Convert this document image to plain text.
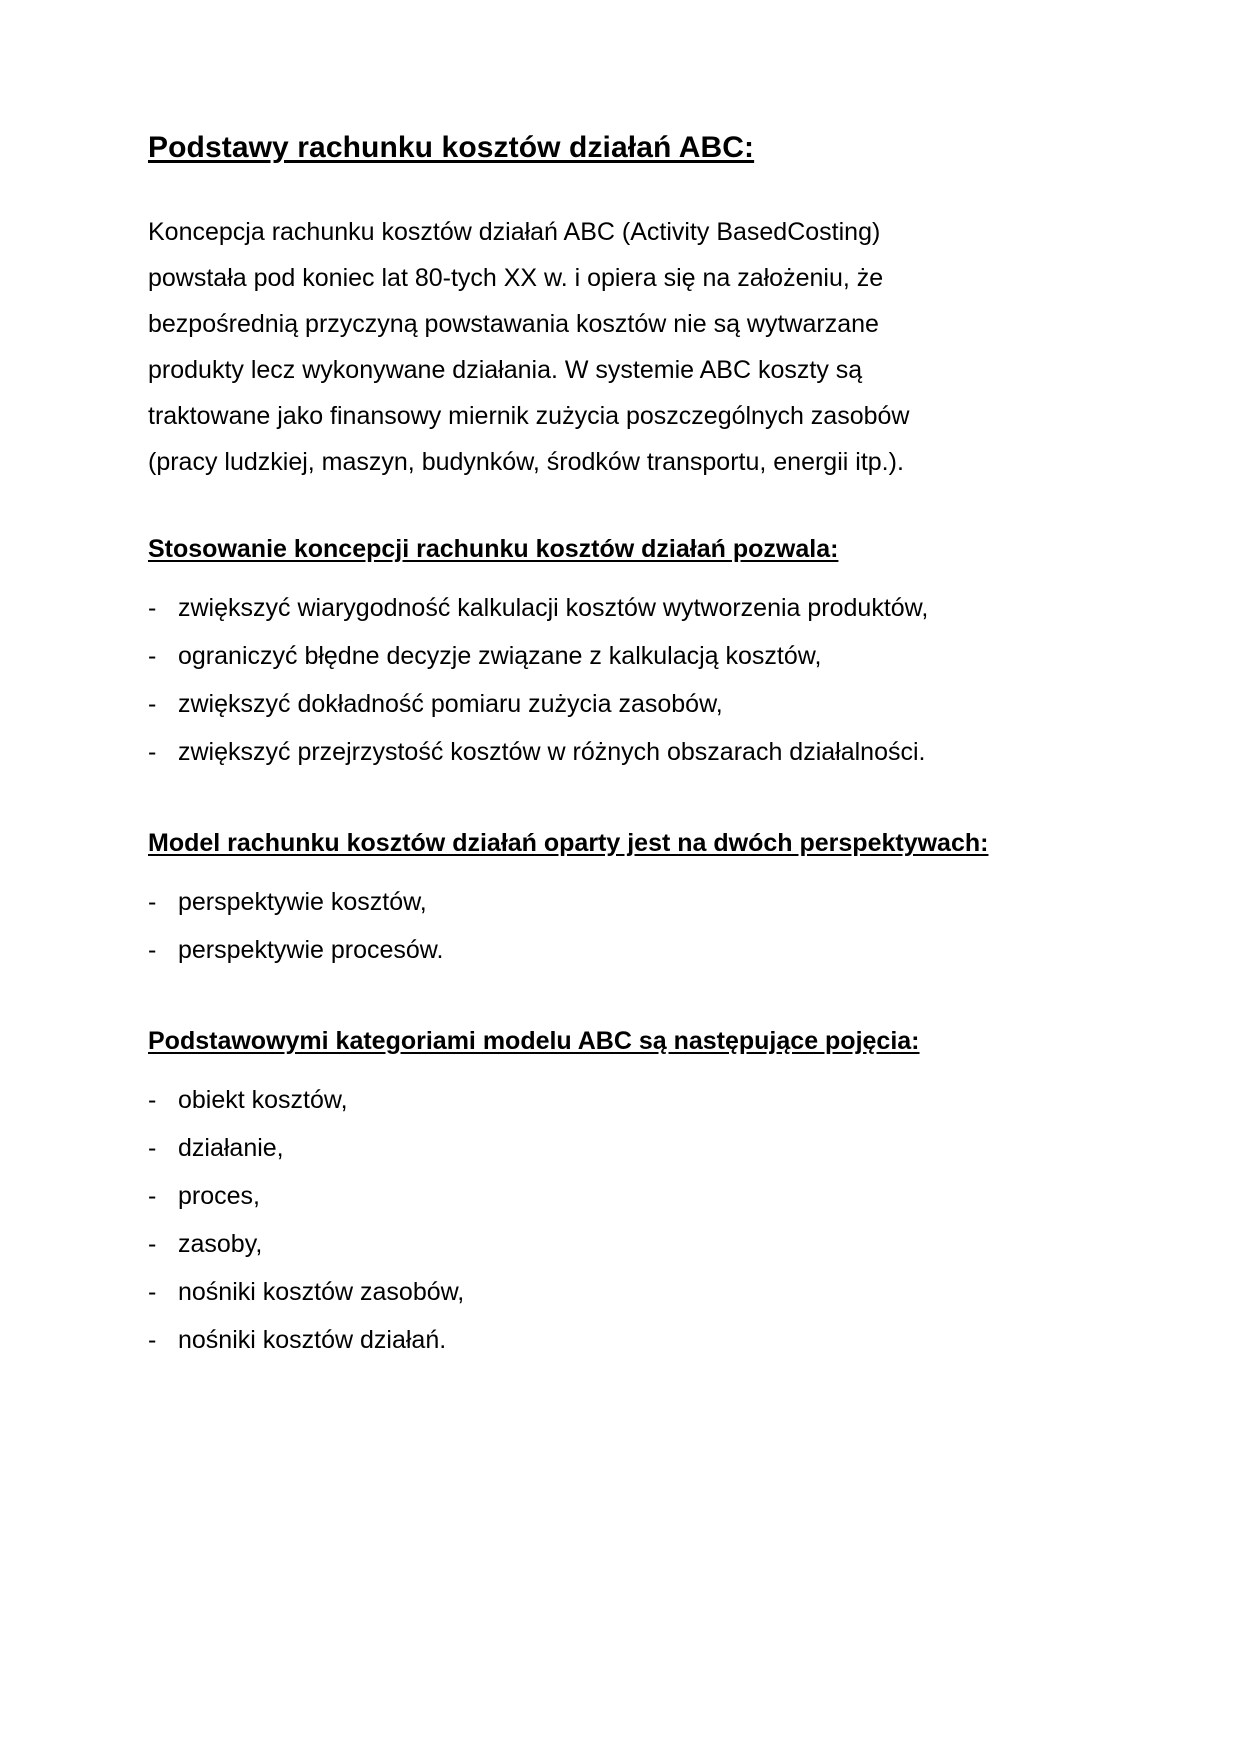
Podstawy rachunku kosztów działań ABC:

Koncepcja rachunku kosztów działań ABC (Activity BasedCosting) powstała pod koniec lat 80-tych XX w. i opiera się na założeniu, że bezpośrednią przyczyną powstawania kosztów nie są wytwarzane produkty lecz wykonywane działania. W systemie ABC koszty są traktowane jako finansowy miernik zużycia poszczególnych zasobów (pracy ludzkiej, maszyn, budynków, środków transportu, energii itp.).

Stosowanie koncepcji rachunku kosztów działań pozwala:
- zwiększyć wiarygodność kalkulacji kosztów wytworzenia produktów,
- ograniczyć błędne decyzje związane z kalkulacją kosztów,
- zwiększyć dokładność pomiaru zużycia zasobów,
- zwiększyć przejrzystość kosztów w różnych obszarach działalności.
Model rachunku kosztów działań oparty jest na dwóch perspektywach:
- perspektywie kosztów,
- perspektywie procesów.
Podstawowymi kategoriami modelu ABC są następujące pojęcia:
- obiekt kosztów,
- działanie,
- proces,
- zasoby,
- nośniki kosztów zasobów,
- nośniki kosztów działań.
